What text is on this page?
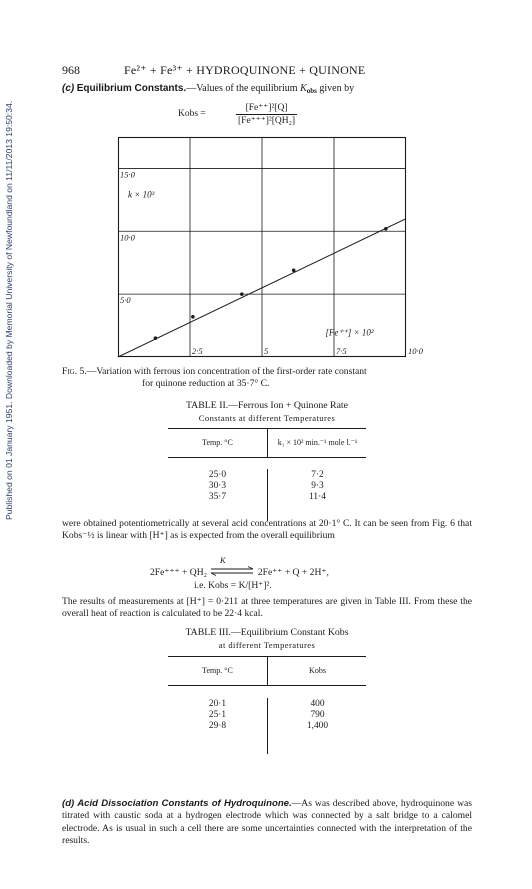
Published on 01 January 1951. Downloaded by Memorial University of Newfoundland on 11/11/2013 19:50:34.
968	Fe²⁺ + Fe³⁺ + HYDROQUINONE + QUINONE
(c) Equilibrium Constants.—Values of the equilibrium $K_{obs}$ given by
Kobs =	$\frac{\text{[Fe⁺⁺]²[Q]}}{\text{[Fe⁺⁺⁺]²[QH₂]}}$
2·5	5	7·5	10·0
5·0
10·0
15·0
k × 10³
[Fe⁺⁺] × 10²
Fig. 5.—Variation with ferrous ion concentration of the first-order rate constant
for quinone reduction at 35·7° C.
TABLE II.—Ferrous Ion + Quinone Rate
Constants at different Temperatures
Temp. °C	k₁ × 10² min.⁻¹ mole l.⁻¹
25·0	7·2
30·3	9·3
35·7	11·4

were obtained potentiometrically at several acid concentrations at 20·1° C. It can be seen from Fig. 6 that Kobs⁻½ is linear with [H⁺] as is expected from the overall equilibrium

K
2Fe⁺⁺⁺ + QH₂	2Fe⁺⁺ + Q + 2H⁺,
i.e. Kobs = K/[H⁺]².

The results of measurements at [H⁺] = 0·211 at three temperatures are given in Table III. From these the overall heat of reaction is calculated to be 22·4 kcal.

TABLE III.—Equilibrium Constant Kobs
at different Temperatures
Temp. °C	Kobs
20·1	400
25·1	790
29·8	1,400
(d) Acid Dissociation Constants of Hydroquinone.—As was described above, hydroquinone was titrated with caustic soda at a hydrogen electrode which was connected by a salt bridge to a calomel electrode. As is usual in such a cell there are some uncertainties connected with the interpretation of the results.
